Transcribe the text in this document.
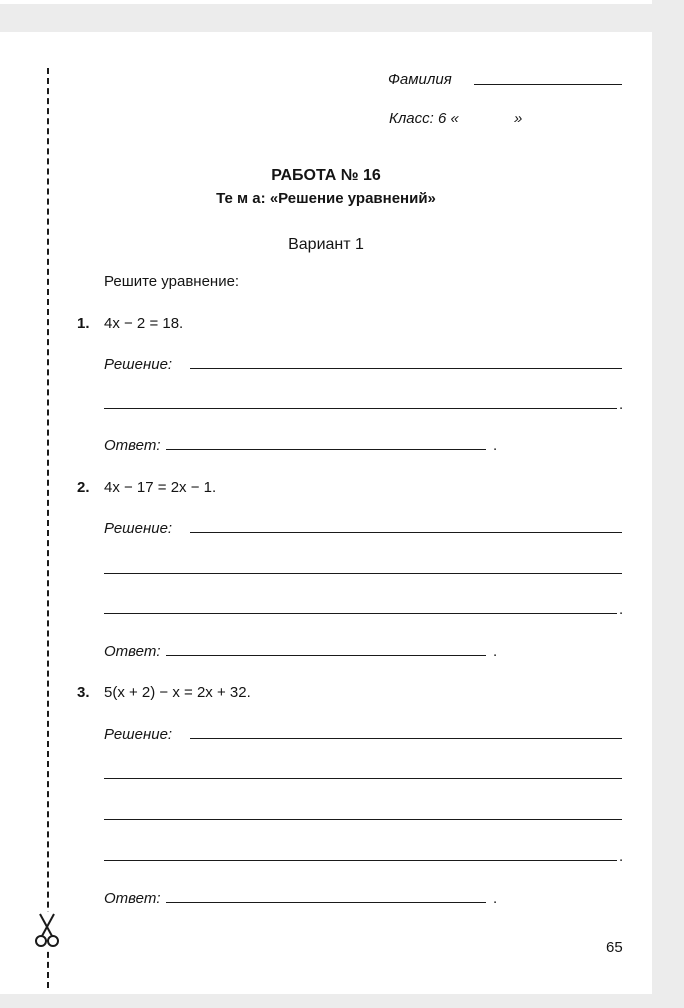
Фамилия
Класс: 6 «	»
РАБОТА № 16
Те м а: «Решение уравнений»
Вариант 1
Решите уравнение:
1. 4x − 2 = 18.
Решение:
.
Ответ:	.
2. 4x − 17 = 2x − 1.
Решение:
.
Ответ:	.
3. 5(x + 2) − x = 2x + 32.
Решение:
.
Ответ:	.
65
